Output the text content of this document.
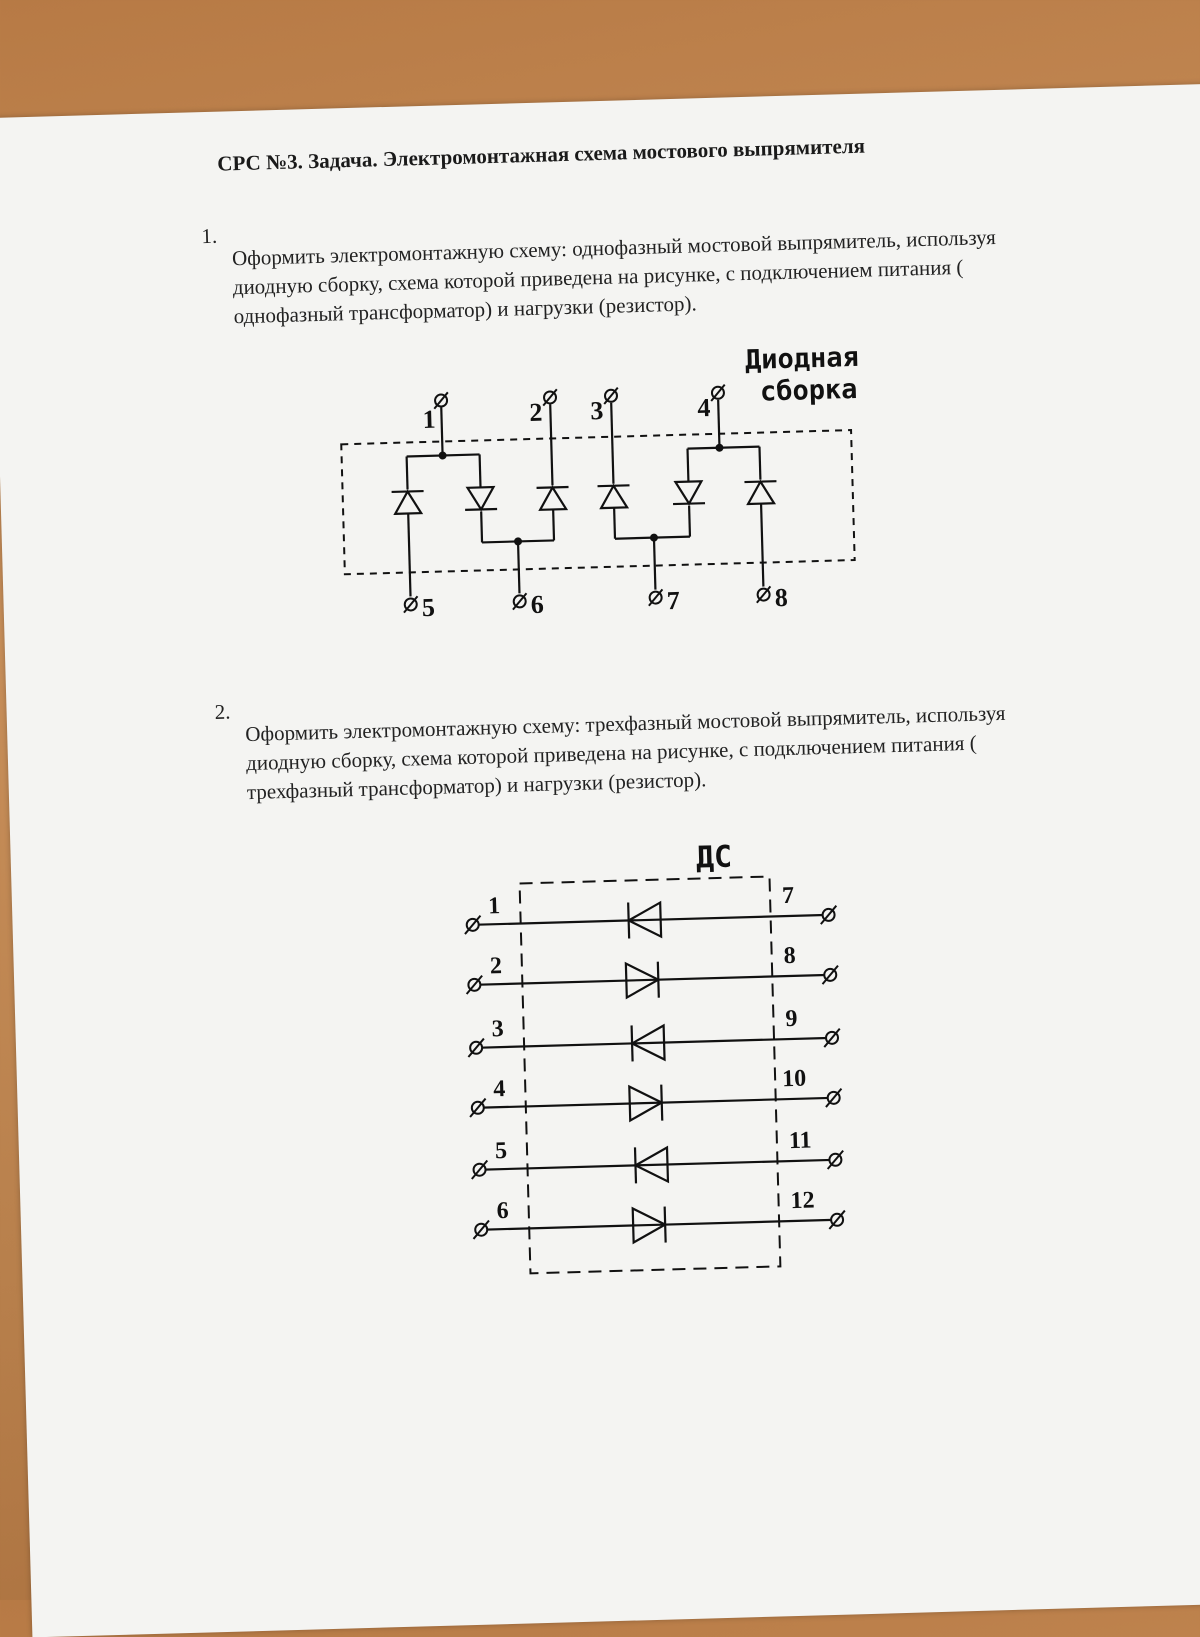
СРС №3. Задача. Электромонтажная схема мостового выпрямителя
1. Оформить электромонтажную схему: однофазный мостовой выпрямитель, используя диодную сборку, схема которой приведена на рисунке, с подключением питания ( однофазный трансформатор) и нагрузки (резистор).

1	2 3	4
5	6	7	8
Диодная
сборка
2. Оформить электромонтажную схему: трехфазный мостовой выпрямитель, используя диодную сборку, схема которой приведена на рисунке, с подключением питания ( трехфазный трансформатор) и нагрузки (резистор).

ДС
1	7
2	8
3	9
4	10
5	11
6	12
